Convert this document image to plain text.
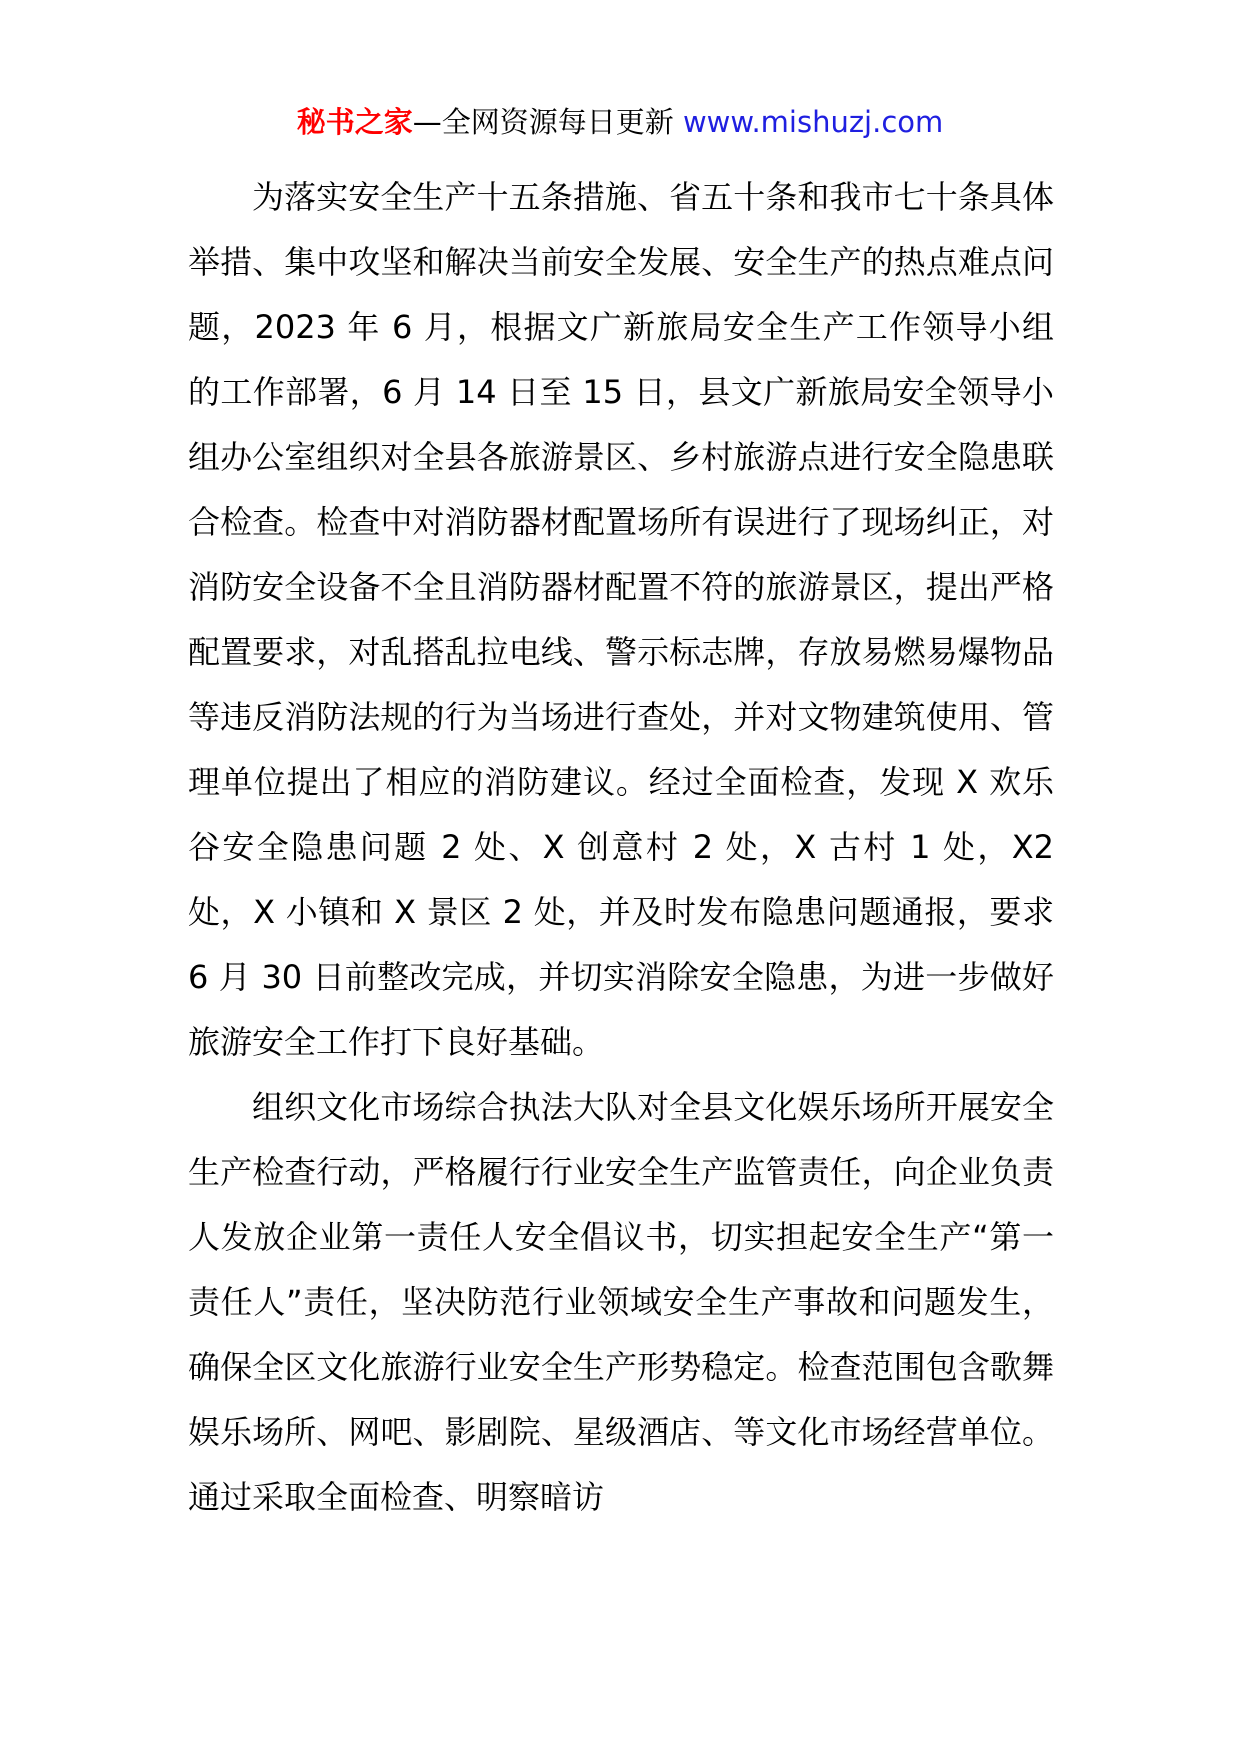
秘书之家—全网资源每日更新 www.mishuzj.com

为落实安全生产十五条措施、省五十条和我市七十条具体举措、集中攻坚和解决当前安全发展、安全生产的热点难点问题，2023 年 6 月，根据文广新旅局安全生产工作领导小组的工作部署，6 月 14 日至 15 日，县文广新旅局安全领导小组办公室组织对全县各旅游景区、乡村旅游点进行安全隐患联合检查。检查中对消防器材配置场所有误进行了现场纠正，对消防安全设备不全且消防器材配置不符的旅游景区，提出严格配置要求，对乱搭乱拉电线、警示标志牌，存放易燃易爆物品等违反消防法规的行为当场进行查处，并对文物建筑使用、管理单位提出了相应的消防建议。经过全面检查，发现 X 欢乐谷安全隐患问题 2 处、X 创意村 2 处，X 古村 1 处，X2 处，X 小镇和 X 景区 2 处，并及时发布隐患问题通报，要求 6 月 30 日前整改完成，并切实消除安全隐患，为进一步做好旅游安全工作打下良好基础。

组织文化市场综合执法大队对全县文化娱乐场所开展安全生产检查行动，严格履行行业安全生产监管责任，向企业负责人发放企业第一责任人安全倡议书，切实担起安全生产“第一责任人”责任，坚决防范行业领域安全生产事故和问题发生，确保全区文化旅游行业安全生产形势稳定。检查范围包含歌舞娱乐场所、网吧、影剧院、星级酒店、等文化市场经营单位。通过采取全面检查、明察暗访
